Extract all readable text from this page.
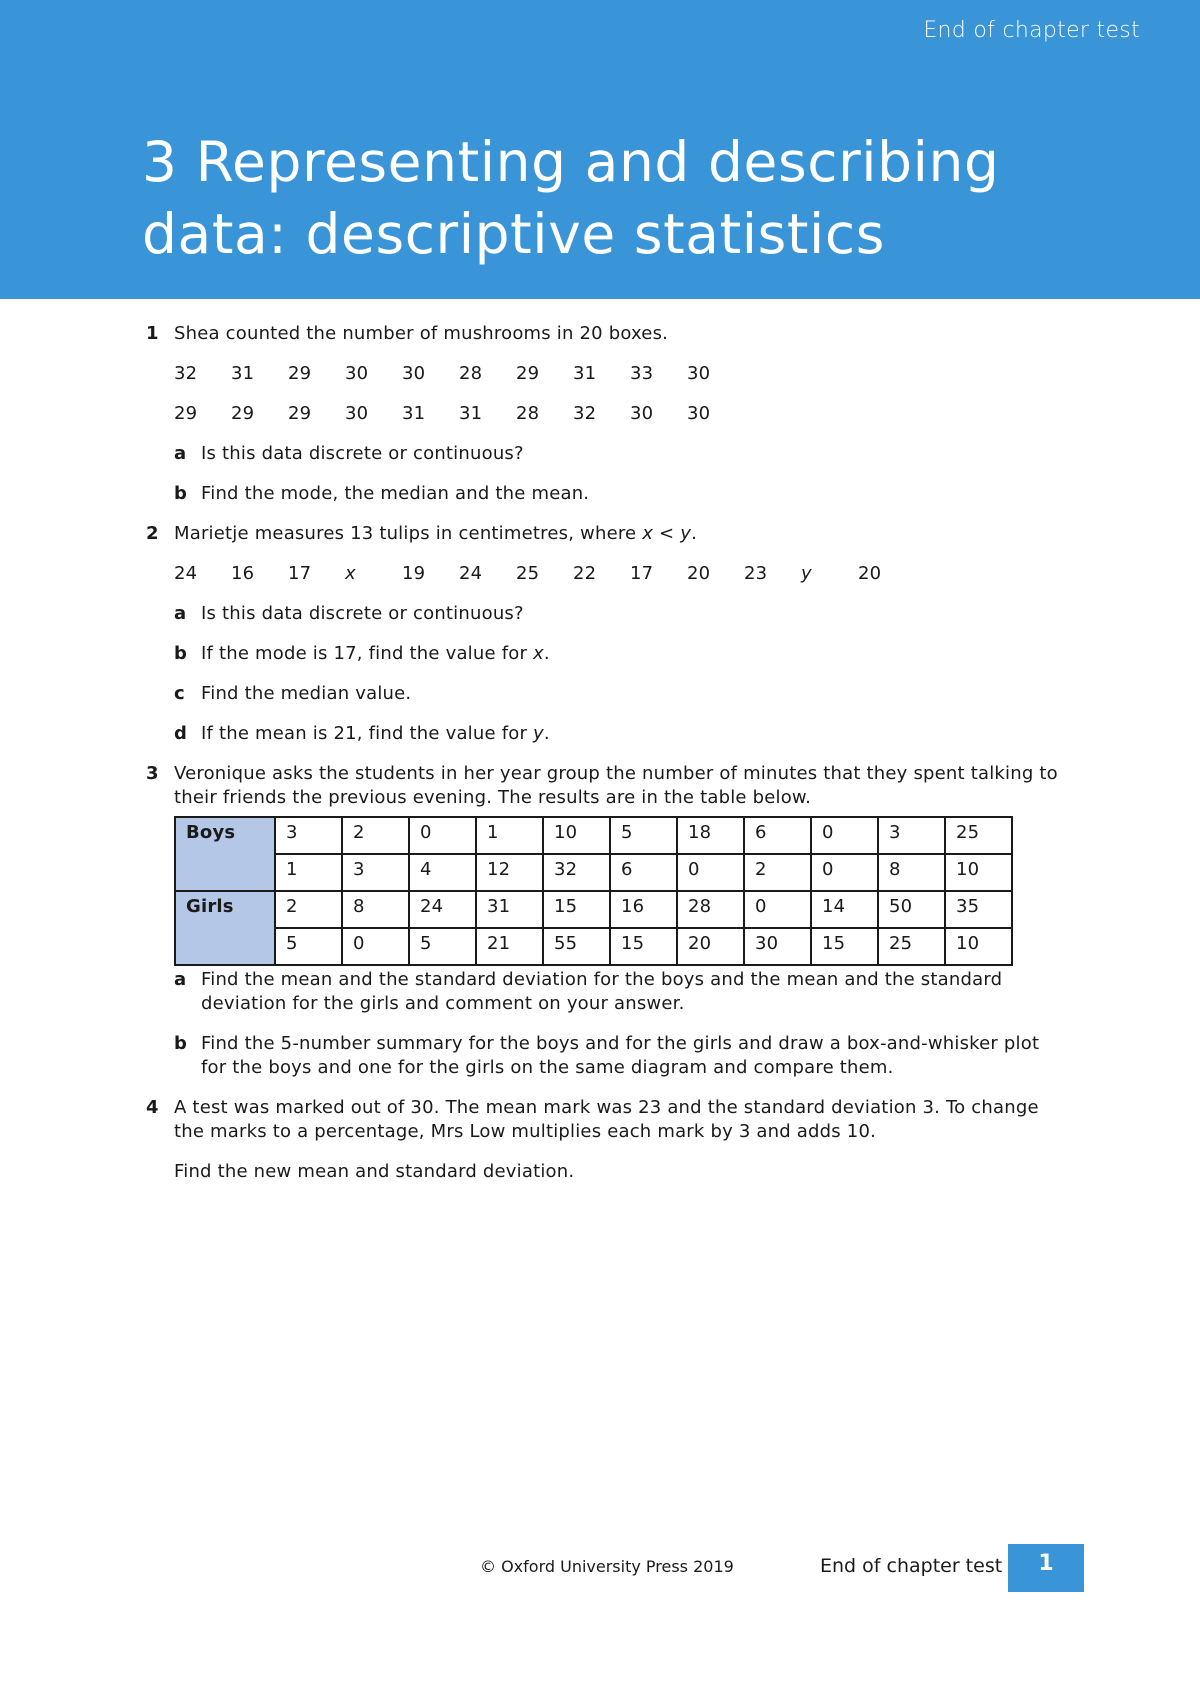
End of chapter test
3 Representing and describing
data: descriptive statistics
1 Shea counted the number of mushrooms in 20 boxes.

32	31	29	30	30	28	29	31	33	30
29	29	29	30	31	31	28	32	30	30
a Is this data discrete or continuous?
b Find the mode, the median and the mean.
2 Marietje measures 13 tulips in centimetres, where x < y.

24	16	17	x	19	24	25	22	17	20	23	y	20
a Is this data discrete or continuous?
b If the mode is 17, find the value for x.
c Find the median value.
d If the mean is 21, find the value for y.
3 Veronique asks the students in her year group the number of minutes that they spent talking to their friends the previous evening. The results are in the table below.

Boys	3	2	0	1	10	5	18	6	0	3	25
	1	3	4	12	32	6	0	2	0	8	10
Girls	2	8	24	31	15	16	28	0	14	50	35
	5	0	5	21	55	15	20	30	15	25	10
a Find the mean and the standard deviation for the boys and the mean and the standard deviation for the girls and comment on your answer.
b Find the 5-number summary for the boys and for the girls and draw a box-and-whisker plot for the boys and one for the girls on the same diagram and compare them.
4 A test was marked out of 30. The mean mark was 23 and the standard deviation 3. To change the marks to a percentage, Mrs Low multiplies each mark by 3 and adds 10.

Find the new mean and standard deviation.

© Oxford University Press 2019	End of chapter test	1
